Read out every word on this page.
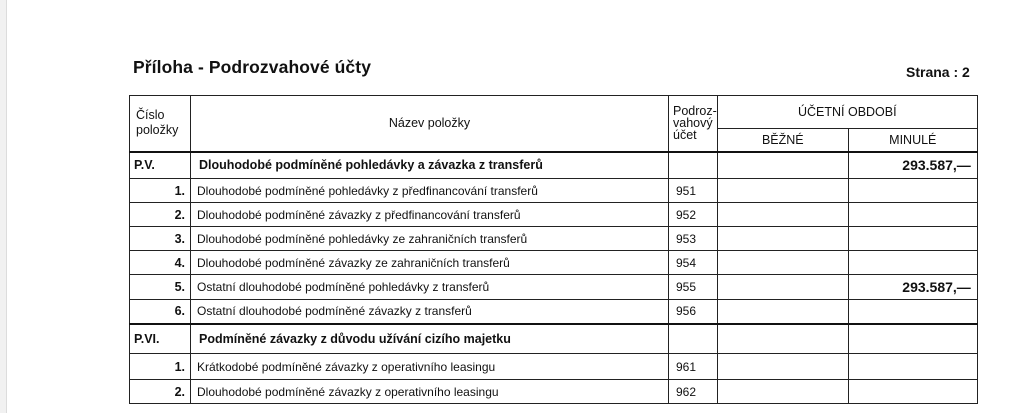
Příloha - Podrozvahové účty	Strana : 2
Číslo položky	Název položky	Podroz-vahový účet	ÚČETNÍ OBDOBÍ	
			BĚŽNÉ	MINULÉ
P.V.	Dlouhodobé podmíněné pohledávky a závazka z transferů			293.587,—
1.	Dlouhodobé podmíněné pohledávky z předfinancování transferů	951		
2.	Dlouhodobé podmíněné závazky z předfinancování transferů	952		
3.	Dlouhodobé podmíněné pohledávky ze zahraničních transferů	953		
4.	Dlouhodobé podmíněné závazky ze zahraničních transferů	954		
5.	Ostatní dlouhodobé podmíněné pohledávky z transferů	955		293.587,—
6.	Ostatní dlouhodobé podmíněné závazky z transferů	956		
P.VI.	Podmíněné závazky z důvodu užívání cizího majetku			
1.	Krátkodobé podmíněné závazky z operativního leasingu	961		
2.	Dlouhodobé podmíněné závazky z operativního leasingu	962		
